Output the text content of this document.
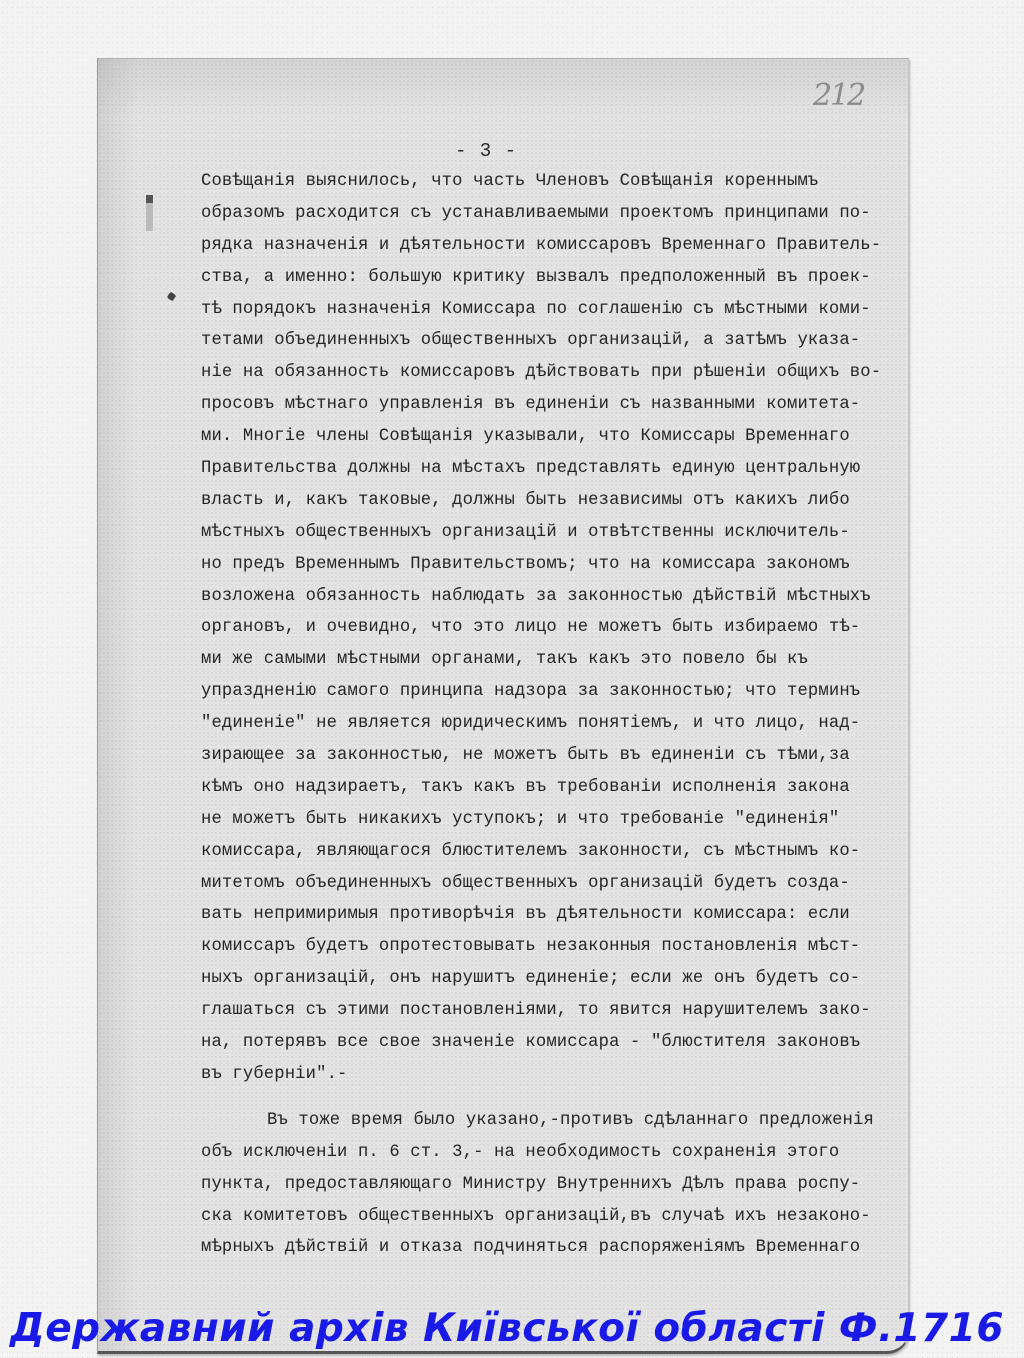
212
- 3 -
Совѣщанія выяснилось, что часть Членовъ Совѣщанія кореннымъ
образомъ расходится съ устанавливаемыми проектомъ принципами по-
рядка назначенія и дѣятельности комиссаровъ Временнаго Правитель-
ства, а именно: большую критику вызвалъ предположенный въ проек-
тѣ порядокъ назначенія Комиссара по соглашенію съ мѣстными коми-
тетами объединенныхъ общественныхъ организацій, а затѣмъ указа-
ніе на обязанность комиссаровъ дѣйствовать при рѣшеніи общихъ во-
просовъ мѣстнаго управленія въ единеніи съ названными комитета-
ми. Многіе члены Совѣщанія указывали, что Комиссары Временнаго
Правительства должны на мѣстахъ представлять единую центральную
власть и, какъ таковые, должны быть независимы отъ какихъ либо
мѣстныхъ общественныхъ организацій и отвѣтственны исключитель-
но предъ Временнымъ Правительствомъ; что на комиссара закономъ
возложена обязанность наблюдать за законностью дѣйствій мѣстныхъ
органовъ, и очевидно, что это лицо не можетъ быть избираемо тѣ-
ми же самыми мѣстными органами, такъ какъ это повело бы къ
упраздненію самого принципа надзора за законностью; что терминъ
"единеніе" не является юридическимъ понятіемъ, и что лицо, над-
зирающее за законностью, не можетъ быть въ единеніи съ тѣми,за
кѣмъ оно надзираетъ, такъ какъ въ требованіи исполненія закона
не можетъ быть никакихъ уступокъ; и что требованіе "единенія"
комиссара, являющагося блюстителемъ законности, съ мѣстнымъ ко-
митетомъ объединенныхъ общественныхъ организацій будетъ созда-
вать непримиримыя противорѣчія въ дѣятельности комиссара: если
комиссаръ будетъ опротестовывать незаконныя постановленія мѣст-
ныхъ организацій, онъ нарушитъ единеніе; если же онъ будетъ со-
глашаться съ этими постановленіями, то явится нарушителемъ зако-
на, потерявъ все свое значеніе комиссара - "блюстителя законовъ
въ губерніи".-
Въ тоже время было указано,-противъ сдѣланнаго предложенія
объ исключеніи п. 6 ст. 3,- на необходимость сохраненія этого
пункта, предоставляющаго Министру Внутреннихъ Дѣлъ права роспу-
ска комитетовъ общественныхъ организацій,въ случаѣ ихъ незаконо-
мѣрныхъ дѣйствій и отказа подчиняться распоряженіямъ Временнаго
Державний архів Київської області Ф.1716
